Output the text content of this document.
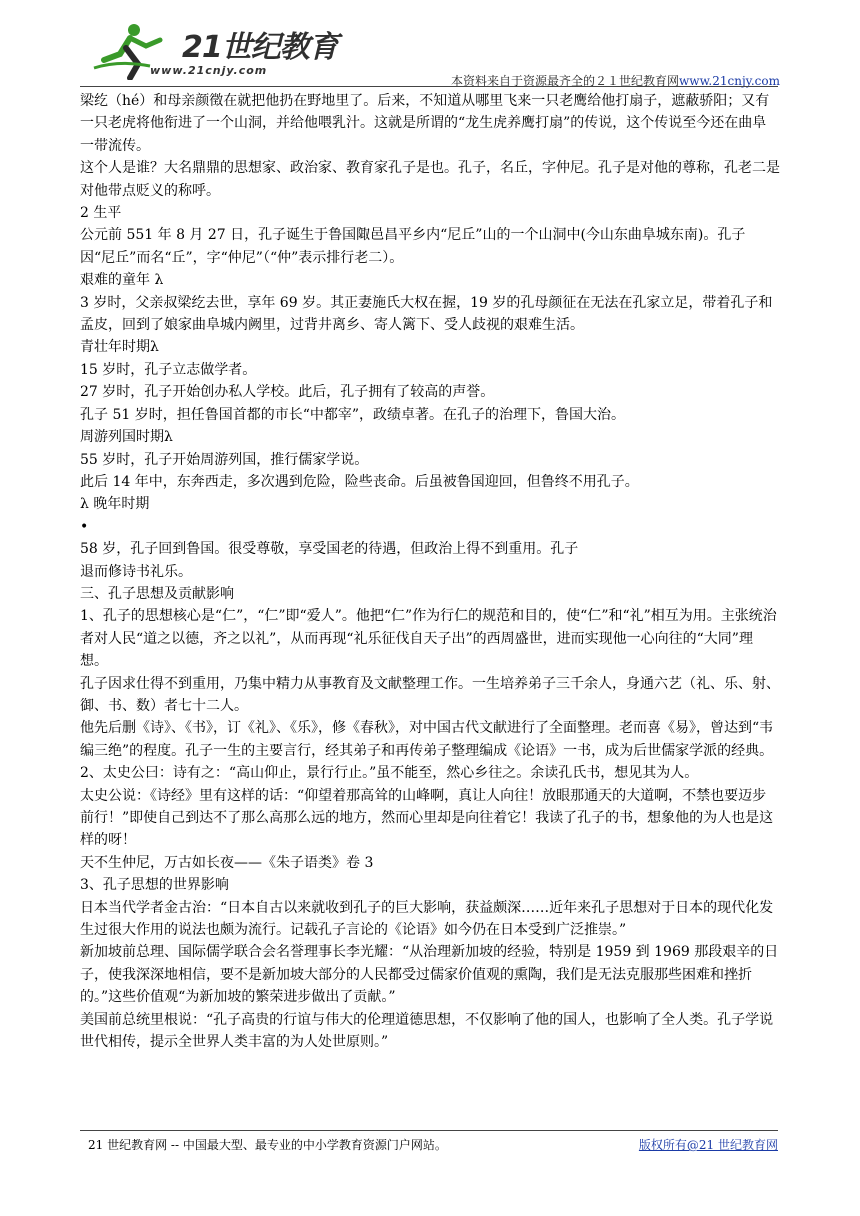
21世纪教育
www.21cnjy.com
本资料来自于资源最齐全的２１世纪教育网www.21cnjy.com

梁纥（hé）和母亲颜徵在就把他扔在野地里了。后来，不知道从哪里飞来一只老鹰给他打扇子，遮蔽骄阳；又有一只老虎将他衔进了一个山洞，并给他喂乳汁。这就是所谓的“龙生虎养鹰打扇”的传说，这个传说至今还在曲阜一带流传。

这个人是谁？大名鼎鼎的思想家、政治家、教育家孔子是也。孔子，名丘，字仲尼。孔子是对他的尊称，孔老二是对他带点贬义的称呼。

2 生平

公元前 551 年 8 月 27 日，孔子诞生于鲁国陬邑昌平乡内“尼丘”山的一个山洞中(今山东曲阜城东南)。孔子因“尼丘”而名“丘”，字“仲尼”（“仲”表示排行老二）。

艰难的童年 λ

3 岁时，父亲叔梁纥去世，享年 69 岁。其正妻施氏大权在握，19 岁的孔母颜征在无法在孔家立足，带着孔子和孟皮，回到了娘家曲阜城内阙里，过背井离乡、寄人篱下、受人歧视的艰难生活。

青壮年时期λ

15 岁时，孔子立志做学者。

27 岁时，孔子开始创办私人学校。此后，孔子拥有了较高的声誉。

孔子 51 岁时，担任鲁国首都的市长“中都宰”，政绩卓著。在孔子的治理下，鲁国大治。

周游列国时期λ

55 岁时，孔子开始周游列国，推行儒家学说。

此后 14 年中，东奔西走，多次遇到危险，险些丧命。后虽被鲁国迎回，但鲁终不用孔子。

λ 晚年时期

•

58 岁，孔子回到鲁国。很受尊敬，享受国老的待遇，但政治上得不到重用。孔子

退而修诗书礼乐。

三、孔子思想及贡献影响

1、孔子的思想核心是“仁”，“仁”即“爱人”。他把“仁”作为行仁的规范和目的，使“仁”和“礼”相互为用。主张统治者对人民“道之以德，齐之以礼”，从而再现“礼乐征伐自天子出”的西周盛世，进而实现他一心向往的“大同”理想。

孔子因求仕得不到重用，乃集中精力从事教育及文献整理工作。一生培养弟子三千余人，身通六艺（礼、乐、射、御、书、数）者七十二人。

他先后删《诗》、《书》，订《礼》、《乐》，修《春秋》，对中国古代文献进行了全面整理。老而喜《易》，曾达到“韦编三绝”的程度。孔子一生的主要言行，经其弟子和再传弟子整理编成《论语》一书，成为后世儒家学派的经典。

2、太史公曰：诗有之：“高山仰止，景行行止。”虽不能至，然心乡往之。余读孔氏书，想见其为人。

太史公说：《诗经》里有这样的话：“仰望着那高耸的山峰啊，真让人向往！放眼那通天的大道啊，不禁也要迈步前行！”即使自己到达不了那么高那么远的地方，然而心里却是向往着它！我读了孔子的书，想象他的为人也是这样的呀！

天不生仲尼，万古如长夜——《朱子语类》卷 3

3、孔子思想的世界影响

日本当代学者金古治：“日本自古以来就收到孔子的巨大影响，获益颇深……近年来孔子思想对于日本的现代化发生过很大作用的说法也颇为流行。记载孔子言论的《论语》如今仍在日本受到广泛推崇。”

新加坡前总理、国际儒学联合会名誉理事长李光耀：“从治理新加坡的经验，特别是 1959 到 1969 那段艰辛的日子，使我深深地相信，要不是新加坡大部分的人民都受过儒家价值观的熏陶，我们是无法克服那些困难和挫折的。”这些价值观“为新加坡的繁荣进步做出了贡献。”

美国前总统里根说：“孔子高贵的行谊与伟大的伦理道德思想，不仅影响了他的国人，也影响了全人类。孔子学说世代相传，提示全世界人类丰富的为人处世原则。”

21 世纪教育网 -- 中国最大型、最专业的中小学教育资源门户网站。	版权所有@21 世纪教育网
